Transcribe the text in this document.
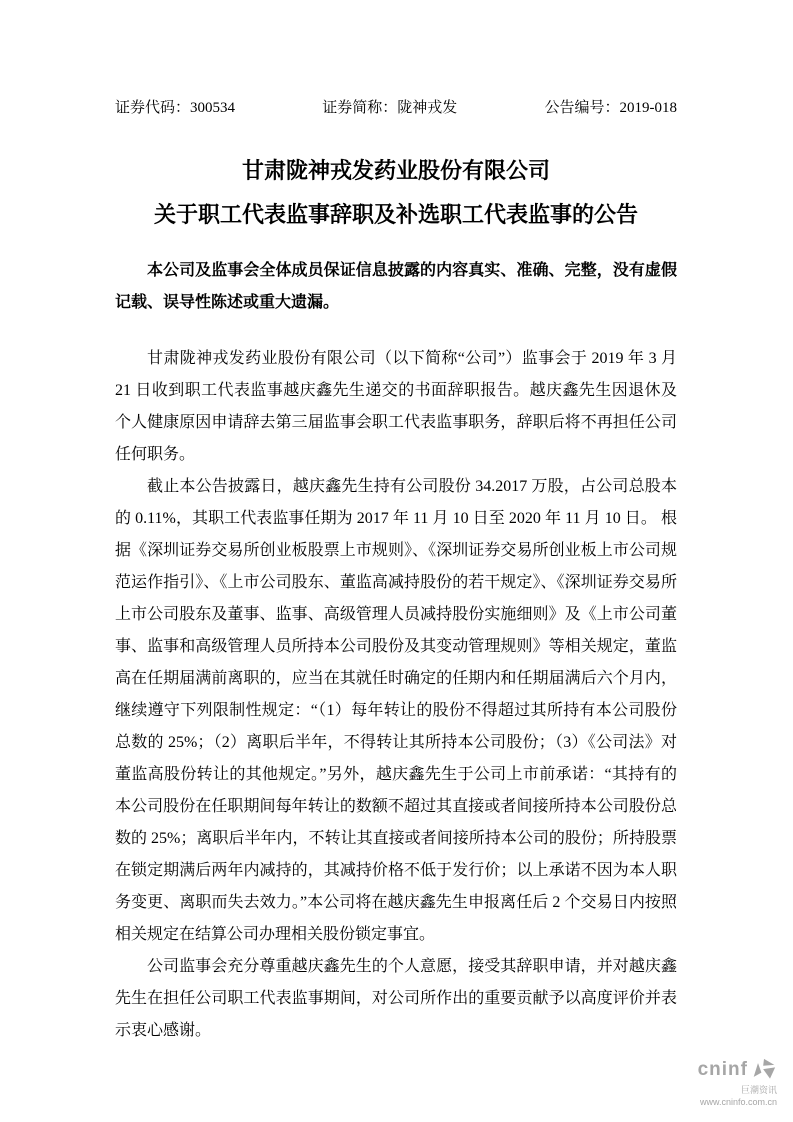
证券代码：300534	证券简称：陇神戎发	公告编号：2019-018
甘肃陇神戎发药业股份有限公司
关于职工代表监事辞职及补选职工代表监事的公告

本公司及监事会全体成员保证信息披露的内容真实、准确、完整，没有虚假记载、误导性陈述或重大遗漏。

甘肃陇神戎发药业股份有限公司（以下简称“公司”）监事会于 2019 年 3 月 21 日收到职工代表监事越庆鑫先生递交的书面辞职报告。越庆鑫先生因退休及个人健康原因申请辞去第三届监事会职工代表监事职务，辞职后将不再担任公司任何职务。

截止本公告披露日，越庆鑫先生持有公司股份 34.2017 万股，占公司总股本的 0.11%，其职工代表监事任期为 2017 年 11 月 10 日至 2020 年 11 月 10 日。 根据《深圳证券交易所创业板股票上市规则》、《深圳证券交易所创业板上市公司规范运作指引》、《上市公司股东、董监高减持股份的若干规定》、《深圳证券交易所上市公司股东及董事、监事、高级管理人员减持股份实施细则》及《上市公司董事、监事和高级管理人员所持本公司股份及其变动管理规则》等相关规定，董监高在任期届满前离职的，应当在其就任时确定的任期内和任期届满后六个月内，继续遵守下列限制性规定：“（1）每年转让的股份不得超过其所持有本公司股份总数的 25%；（2）离职后半年，不得转让其所持本公司股份；（3）《公司法》对董监高股份转让的其他规定。”另外，越庆鑫先生于公司上市前承诺：“其持有的本公司股份在任职期间每年转让的数额不超过其直接或者间接所持本公司股份总数的 25%；离职后半年内，不转让其直接或者间接所持本公司的股份；所持股票在锁定期满后两年内减持的，其减持价格不低于发行价；以上承诺不因为本人职务变更、离职而失去效力。”本公司将在越庆鑫先生申报离任后 2 个交易日内按照相关规定在结算公司办理相关股份锁定事宜。

公司监事会充分尊重越庆鑫先生的个人意愿，接受其辞职申请，并对越庆鑫先生在担任公司职工代表监事期间，对公司所作出的重要贡献予以高度评价并表示衷心感谢。

cninf
巨潮资讯
www.cninfo.com.cn
